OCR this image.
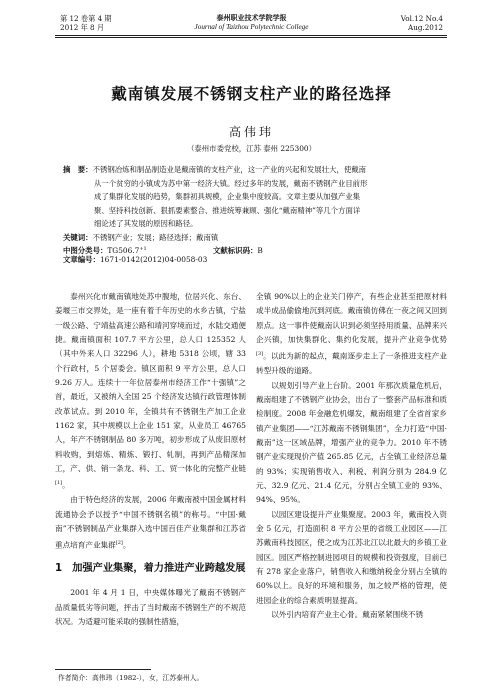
第 12 卷第 4 期
2012 年 8 月
泰州职业技术学院学报
Journal of Taizhou Polytechnic College
Vol.12 No.4
Aug.2012
戴南镇发展不锈钢支柱产业的路径选择
高伟玮
（泰州市委党校，江苏 泰州 225300）
摘　要：不锈钢冶炼和制品制造业是戴南镇的支柱产业，这一产业的兴起和发展壮大，使戴南
从一个贫穷的小镇成为苏中第一经济大镇。经过多年的发展，戴南不锈钢产业目前形
成了集群化发展的趋势，集群初具规模，企业集中度较高。文章主要从加强产业集
聚、坚持科技创新、狠抓要素整合、推进统筹兼顾、强化“戴南精神”等几个方面详
细论述了其发展的原因和路径。
关键词：不锈钢产业；发展；路径选择；戴南镇
中图分类号：$TG506.7^{+1}$	文献标识码：B文章编号：1671-0142(2012)04-0058-03

泰州兴化市戴南镇地处苏中腹地，位居兴化、东台、姜堰三市交界处，是一座有着千年历史的水乡古镇，宁盐一级公路、宁靖盐高速公路和靖河穿境而过，水陆交通便捷。戴南镇面积 107.7 平方公里，总人口 125352 人（其中外来人口 32296 人），耕地 5318 公顷，辖 33 个行政村，5 个居委会。镇区面积 9 平方公里，总人口 9.26 万人。连续十一年位居泰州市经济工作“十强镇”之首，最近，又被纳入全国 25 个经济发达镇行政管理体制改革试点。到 2010 年，全镇共有不锈钢生产加工企业 1162 家，其中规模以上企业 151 家，从业员工 46765 人，年产不锈钢制品 80 多万吨，初步形成了从废旧原材料收购，到熔炼、精炼、锻打、轧制，再到产品精深加工，产、供、销一条龙、科、工、贸一体化的完整产业链[1]。

由于特色经济的发展，2006 年戴南被中国金属材料流通协会予以授予“中国不锈钢名镇”的称号。“中国·戴南”不锈钢制品产业集群入选中国百佳产业集群和江苏省重点培育产业集群[2]。

1　加强产业集聚，着力推进产业跨越发展

2001 年 4 月 1 日，中央媒体曝光了戴南不锈钢产品质量低劣等问题，抨击了当时戴南不锈钢生产的不规范状况。为适避可能采取的强制性措施，

全镇 90%以上的企业关门停产，有些企业甚至把原材料或半成品偷偷地沉到河底。戴南镇仿佛在一夜之间又回到原点。这一事件使戴南认识到必须坚持用质量、品牌来兴企兴镇，加快集群化、集约化发展，提升产业竞争优势[3]。以此为新的起点，戴南逐步走上了一条推进支柱产业转型升级的道路。

以规划引导产业上台阶。2001 年那次质量危机后，戴南组建了不锈钢产业协会，出台了一整套产品标准和质检制度。2008 年金融危机爆发，戴南组建了全省首家乡镇产业集团——“江苏戴南不锈钢集团”，全力打造“中国·戴南”这一区域品牌，增强产业的竞争力。2010 年不锈钢产业实现现价产值 265.85 亿元，占全镇工业经济总量的 93%；实现销售收入、利税、利润分别为 284.9 亿元、32.9 亿元、21.4 亿元，分别占全镇工业的 93%、94%、95%。

以园区建设提升产业集聚度。2003 年，戴南投入资金 5 亿元，打造面积 8 平方公里的省级工业园区——江苏戴南科技园区，使之成为江苏北江以北最大的乡镇工业园区。园区严格控制进园项目的规模和投资强度，目前已有 278 家企业落户，销售收入和缴纳税金分别占全镇的 60%以上。良好的环境和服务，加之较严格的管理，使进园企业的综合素质明显提高。

以外引内培育产业主心骨。戴南紧紧围绕不锈

作者简介：高伟玮（1982-），女，江苏泰州人。
